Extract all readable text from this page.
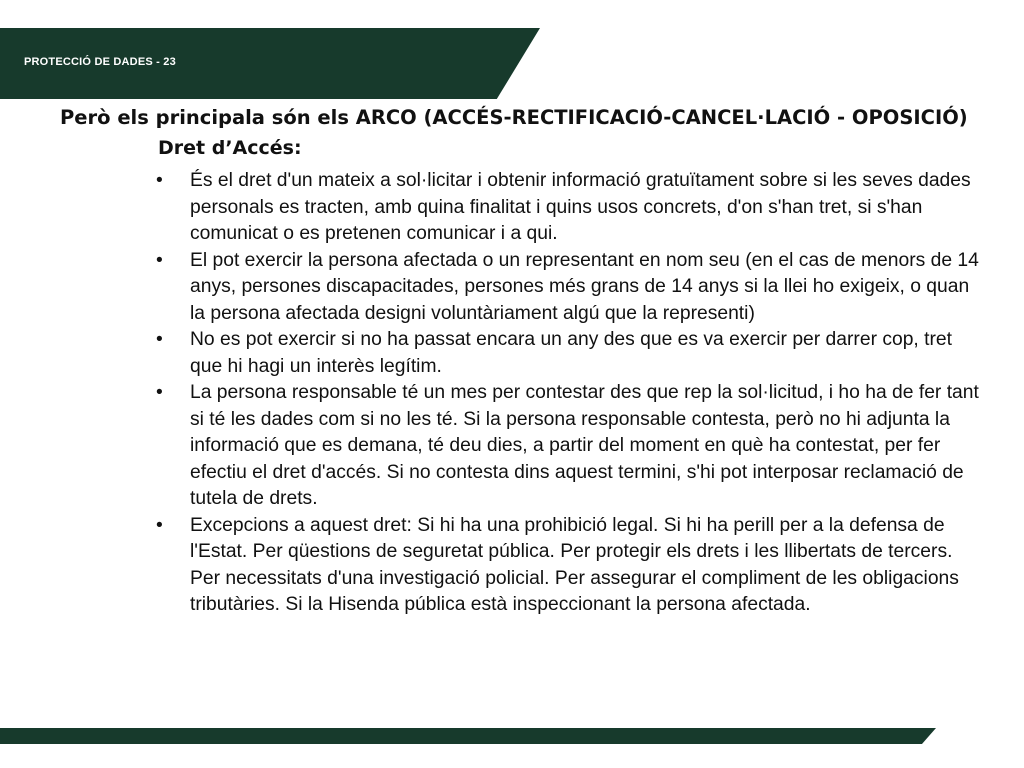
PROTECCIÓ DE DADES - 23
Però els principala són els ARCO (ACCÉS-RECTIFICACIÓ-CANCEL·LACIÓ - OPOSICIÓ)
Dret d’Accés:
•	És el dret d'un mateix a sol·licitar i obtenir informació gratuïtament sobre si les seves dades personals es tracten, amb quina finalitat i quins usos concrets, d'on s'han tret, si s'han comunicat o es pretenen comunicar i a qui.
•	El pot exercir la persona afectada o un representant en nom seu (en el cas de menors de 14 anys, persones discapacitades, persones més grans de 14 anys si la llei ho exigeix, o quan la persona afectada designi voluntàriament algú que la representi)
•	No es pot exercir si no ha passat encara un any des que es va exercir per darrer cop, tret que hi hagi un interès legítim.
•	La persona responsable té un mes per contestar des que rep la sol·licitud, i ho ha de fer tant si té les dades com si no les té. Si la persona responsable contesta, però no hi adjunta la informació que es demana, té deu dies, a partir del moment en què ha contestat, per fer efectiu el dret d'accés. Si no contesta dins aquest termini, s'hi pot interposar reclamació de tutela de drets.
•	Excepcions a aquest dret: Si hi ha una prohibició legal. Si hi ha perill per a la defensa de l'Estat. Per qüestions de seguretat pública. Per protegir els drets i les llibertats de tercers. Per necessitats d'una investigació policial. Per assegurar el compliment de les obligacions tributàries. Si la Hisenda pública està inspeccionant la persona afectada.
